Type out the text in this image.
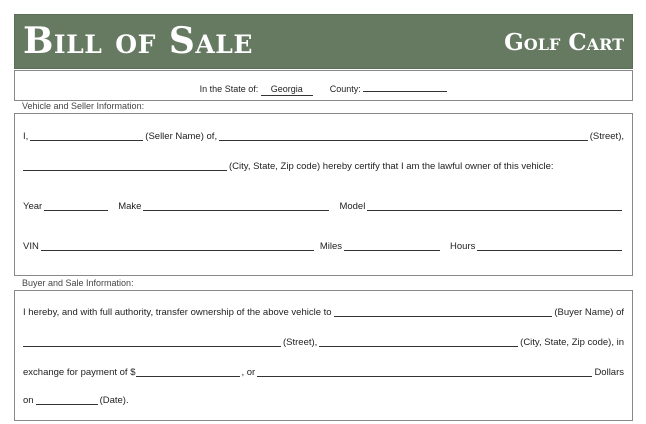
Bill of Sale	Golf Cart
In the State of: Georgia	County:
Vehicle and Seller Information:
I,	(Seller Name) of,	(Street),
(City, State, Zip code) hereby certify that I am the lawful owner of this vehicle:
Year	Make	Model
VIN	Miles	Hours
Buyer and Sale Information:
I hereby, and with full authority, transfer ownership of the above vehicle to	(Buyer Name) of
(Street),	(City, State, Zip code), in
exchange for payment of $	, or	Dollars
on	(Date).
